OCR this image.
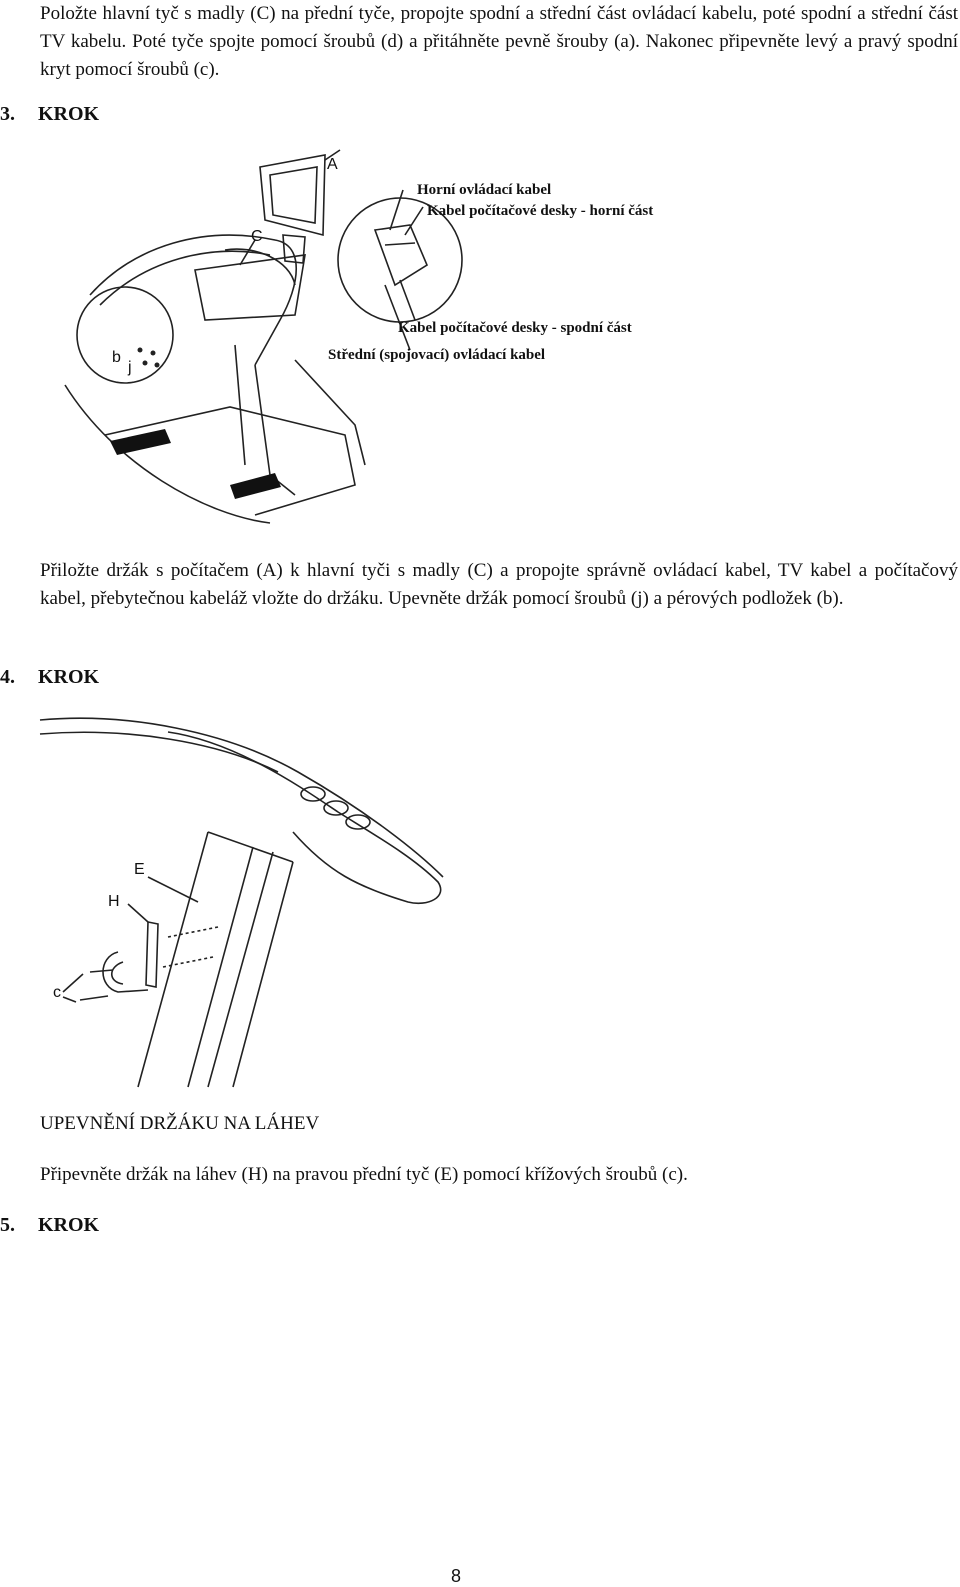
Položte hlavní tyč s madly (C) na přední tyče, propojte spodní a střední část ovládací kabelu, poté spodní a střední část TV kabelu. Poté tyče spojte pomocí šroubů (d) a přitáhněte pevně šrouby (a). Nakonec připevněte levý a pravý spodní kryt pomocí šroubů (c).

3. KROK
A
C
b
j
Horní ovládací kabel
Kabel počítačové desky - horní část
Kabel počítačové desky - spodní část
Střední (spojovací) ovládací kabel

Přiložte držák s počítačem (A) k hlavní tyči s madly (C) a propojte správně ovládací kabel, TV kabel a počítačový kabel, přebytečnou kabeláž vložte do držáku. Upevněte držák pomocí šroubů (j) a pérových podložek (b).

4. KROK
E
H
c

UPEVNĚNÍ DRŽÁKU NA LÁHEV

Připevněte držák na láhev (H) na pravou přední tyč (E) pomocí křížových šroubů (c).

5. KROK
8
